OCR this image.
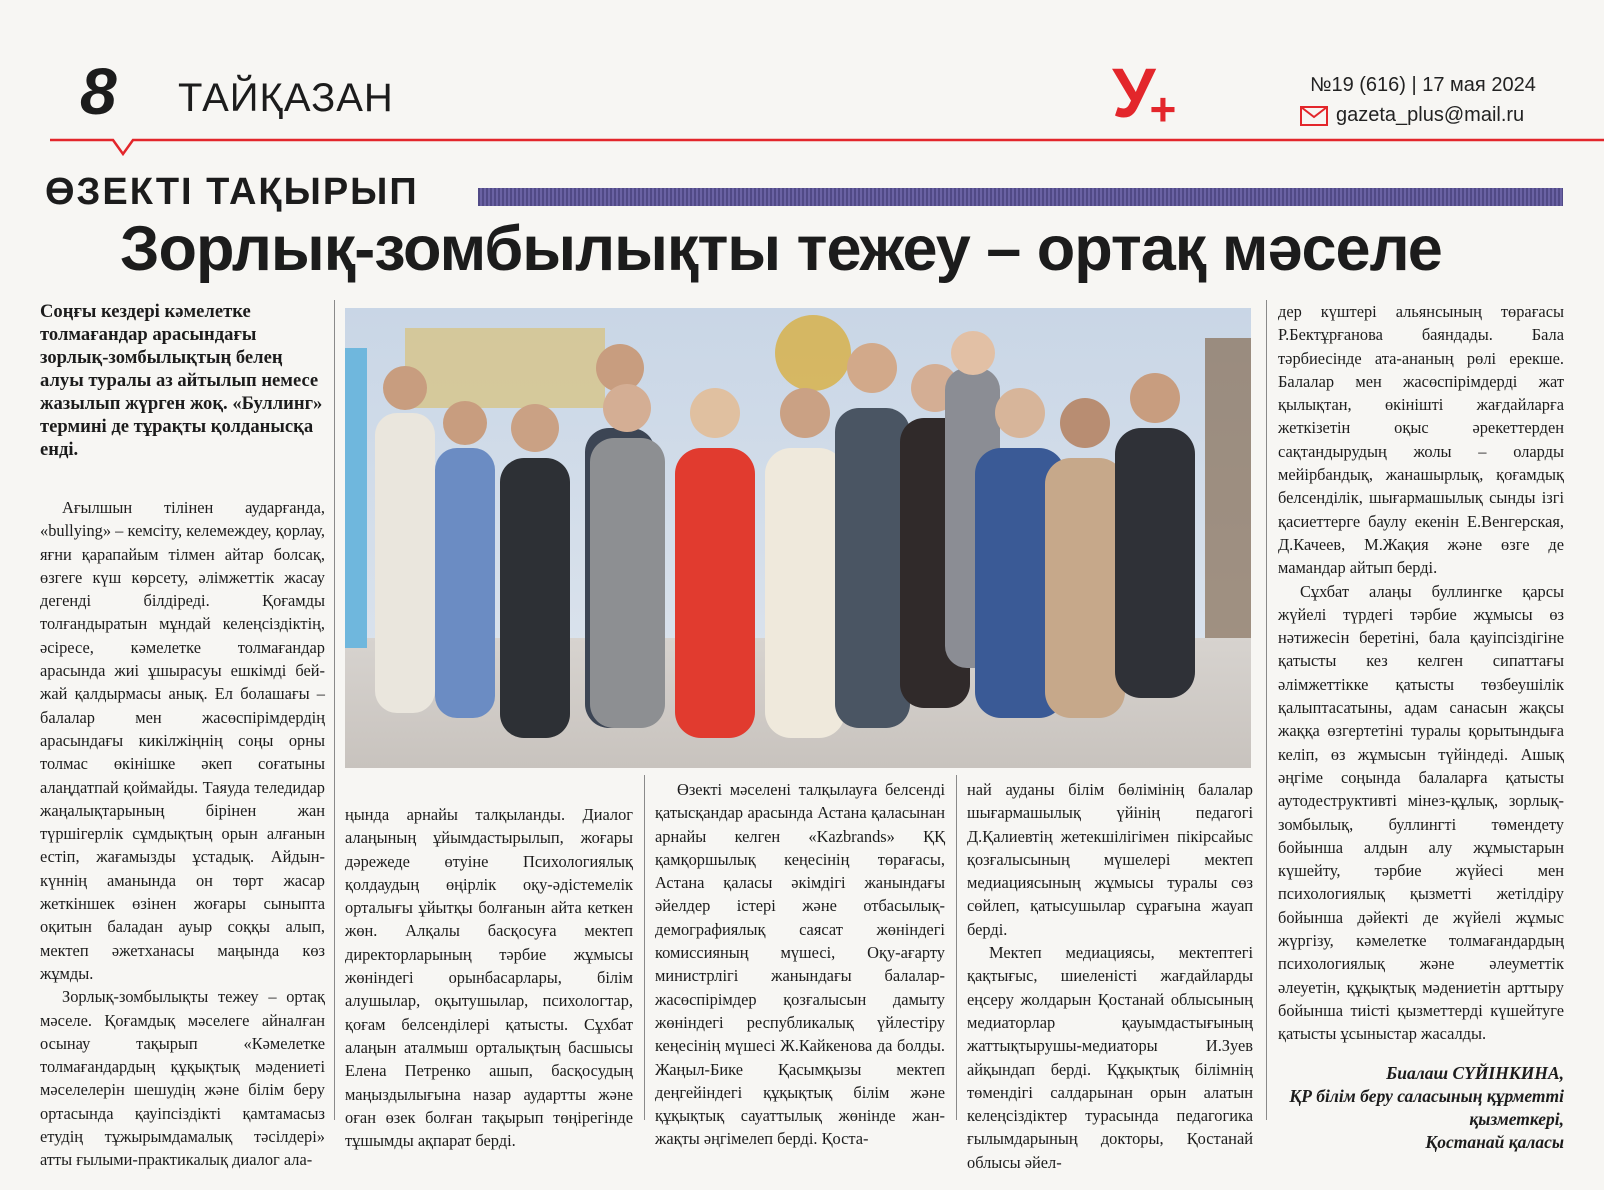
8 ТАЙҚАЗАН	У+	№19 (616) | 17 мая 2024
gazeta_plus@mail.ru
ӨЗЕКТІ ТАҚЫРЫП
Зорлық-зомбылықты тежеу – ортақ мәселе
Соңғы кездері кәмелетке толмағандар арасындағы зорлық-зомбылықтың белең алуы туралы аз айтылып немесе жазылып жүрген жоқ. «Буллинг» термині де тұрақты қолданысқа енді.

Ағылшын тілінен аударғанда, «bullying» – кемсіту, келемеждеу, қорлау, яғни қарапайым тілмен айтар болсақ, өзгеге күш көрсету, әлімжеттік жасау дегенді білдіреді. Қоғамды толғандыратын мұндай келеңсіздіктің, әсіресе, кәмелетке толмағандар арасында жиі ұшырасуы ешкімді бей-жай қалдырмасы анық. Ел болашағы – балалар мен жасөспірімдердің арасындағы кикілжіңнің соңы орны толмас өкінішке әкеп соғатыны алаңдатпай қоймайды. Таяуда теледидар жаңалықтарының бірінен жан түршігерлік сұмдықтың орын алғанын естіп, жағамызды ұстадық. Айдын-күннің аманында он төрт жасар жеткіншек өзінен жоғары сыныпта оқитын баладан ауыр соққы алып, мектеп әжетханасы маңында көз жұмды.

Зорлық-зомбылықты тежеу – ортақ мәселе. Қоғамдық мәселеге айналған осынау тақырып «Кәмелетке толмағандардың құқықтық мәдениеті мәселелерін шешудің және білім беру ортасында қауіпсіздікті қамтамасыз етудің тұжырымдамалық тәсілдері» атты ғылыми-практикалық диалог ала-

ңында арнайы талқыланды. Диалог алаңының ұйымдастырылып, жоғары дәрежеде өтуіне Психологиялық қолдаудың өңірлік оқу-әдістемелік орталығы ұйытқы болғанын айта кеткен жөн. Алқалы басқосуға мектеп директорларының тәрбие жұмысы жөніндегі орынбасарлары, білім алушылар, оқытушылар, психологтар, қоғам белсенділері қатысты. Сұхбат алаңын аталмыш орталықтың басшысы Елена Петренко ашып, басқосудың маңыздылығына назар аудартты және оған өзек болған тақырып төңірегінде тұшымды ақпарат берді.

Өзекті мәселені талқылауға белсенді қатысқандар арасында Астана қаласынан арнайы келген «Kazbrands» ҚҚ қамқоршылық кеңесінің төрағасы, Астана қаласы әкімдігі жанындағы әйелдер істері және отбасылық-демографиялық саясат жөніндегі комиссияның мүшесі, Оқу-ағарту министрлігі жанындағы балалар-жасөспірімдер қозғалысын дамыту жөніндегі республикалық үйлестіру кеңесінің мүшесі Ж.Кайкенова да болды. Жаңыл-Бике Қасымқызы мектеп деңгейіндегі құқықтық білім және құқықтық сауаттылық жөнінде жан-жақты әңгімелеп берді. Қоста-

най ауданы білім бөлімінің балалар шығармашылық үйінің педагогі Д.Қалиевтің жетекшілігімен пікірсайыс қозғалысының мүшелері мектеп медиациясының жұмысы туралы сөз сөйлеп, қатысушылар сұрағына жауап берді.

Мектеп медиациясы, мектептегі қақтығыс, шиеленісті жағдайларды еңсеру жолдарын Қостанай облысының медиаторлар қауымдастығының жаттықтырушы-медиаторы И.Зуев айқындап берді. Құқықтық білімнің төмендігі салдарынан орын алатын келеңсіздіктер турасында педагогика ғылымдарының докторы, Қостанай облысы әйел-

дер күштері альянсының төрағасы Р.Бектұрғанова баяндады. Бала тәрбиесінде ата-ананың рөлі ерекше. Балалар мен жасөспірімдерді жат қылықтан, өкінішті жағдайларға жеткізетін оқыс әрекеттерден сақтандырудың жолы – оларды мейірбандық, жанашырлық, қоғамдық белсенділік, шығармашылық сынды ізгі қасиеттерге баулу екенін Е.Венгерская, Д.Качеев, М.Жақия және өзге де мамандар айтып берді.

Сұхбат алаңы буллингке қарсы жүйелі түрдегі тәрбие жұмысы өз нәтижесін беретіні, бала қауіпсіздігіне қатысты кез келген сипаттағы әлімжеттікке қатысты төзбеушілік қалыптасатыны, адам санасын жақсы жаққа өзгертетіні туралы қорытындыға келіп, өз жұмысын түйіндеді. Ашық әңгіме соңында балаларға қатысты аутодеструктивті мінез-құлық, зорлық-зомбылық, буллингті төмендету бойынша алдын алу жұмыстарын күшейту, тәрбие жүйесі мен психологиялық қызметті жетілдіру бойынша дәйекті де жүйелі жұмыс жүргізу, кәмелетке толмағандардың психологиялық және әлеуметтік әлеуетін, құқықтық мәдениетін арттыру бойынша тиісті қызметтерді күшейтуге қатысты ұсыныстар жасалды.

Биалаш СҮЙІНКИНА,
ҚР білім беру саласының құрметті қызметкері,
Қостанай қаласы
